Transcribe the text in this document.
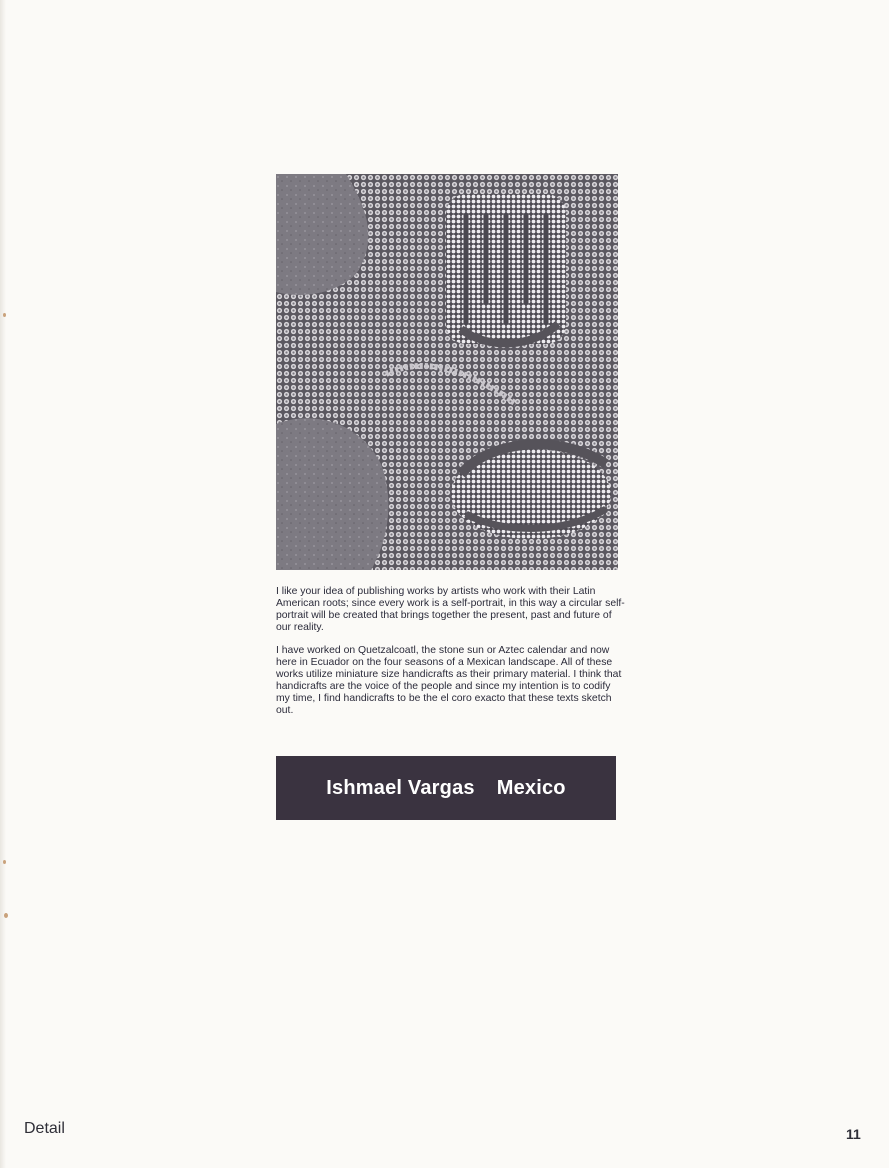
I like your idea of publishing works by artists who work with their Latin American roots; since every work is a self-portrait, in this way a circular self-portrait will be created that brings together the present, past and future of our reality.

I have worked on Quetzalcoatl, the stone sun or Aztec calendar and now here in Ecuador on the four seasons of a Mexican landscape. All of these works utilize miniature size handicrafts as their primary material. I think that handicrafts are the voice of the people and since my intention is to codify my time, I find handicrafts to be the el coro exacto that these texts sketch out.

Ishmael Vargas Mexico
Detail	11
